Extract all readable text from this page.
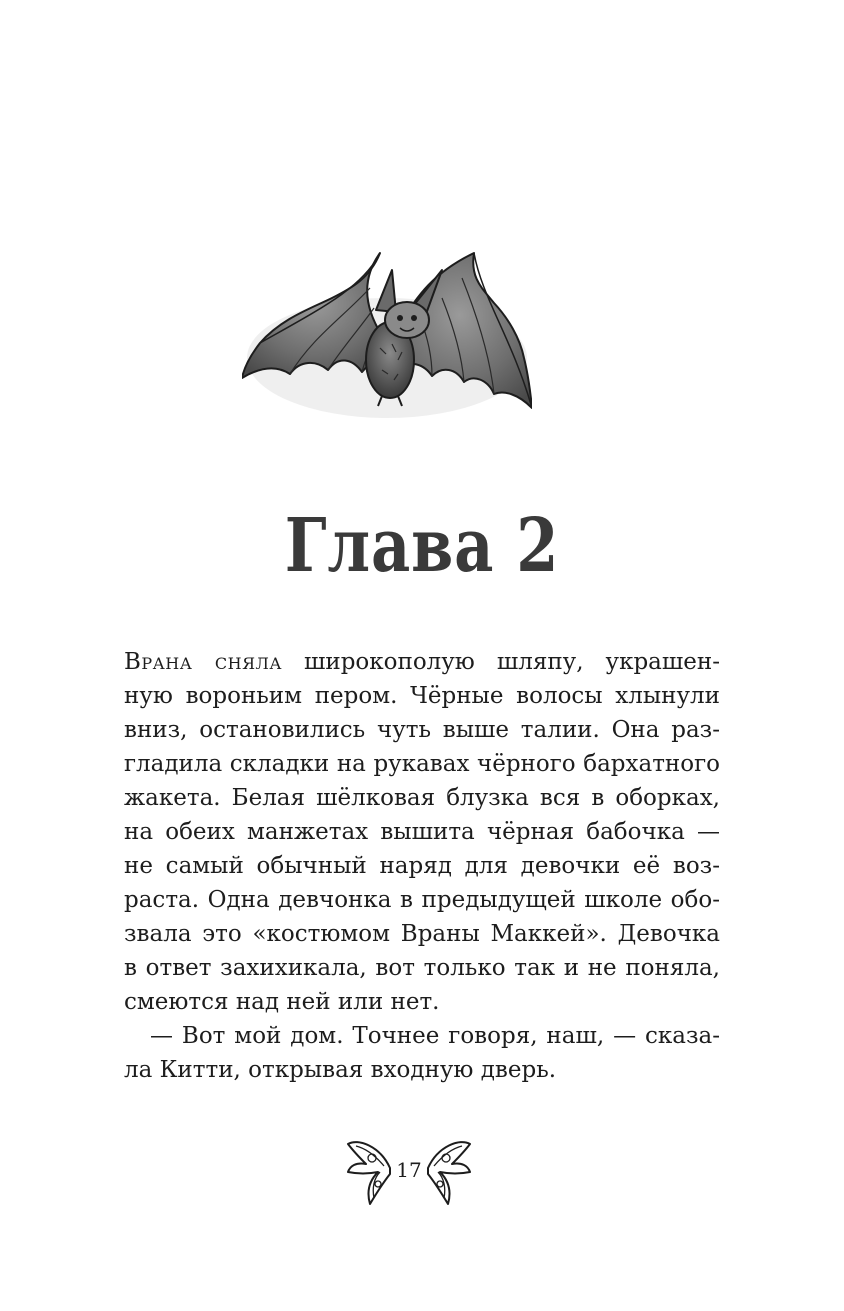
Глава 2
Врана сняла широкополую шляпу, украшен-
ную вороньим пером. Чёрные волосы хлынули
вниз, остановились чуть выше талии. Она раз-
гладила складки на рукавах чёрного бархатного
жакета. Белая шёлковая блузка вся в оборках,
на обеих манжетах вышита чёрная бабочка —
не самый обычный наряд для девочки её воз-
раста. Одна девчонка в предыдущей школе обо-
звала это «костюмом Враны Маккей». Девочка
в ответ захихикала, вот только так и не поняла,
смеются над ней или нет.
— Вот мой дом. Точнее говоря, наш, — сказа-
ла Китти, открывая входную дверь.
17
